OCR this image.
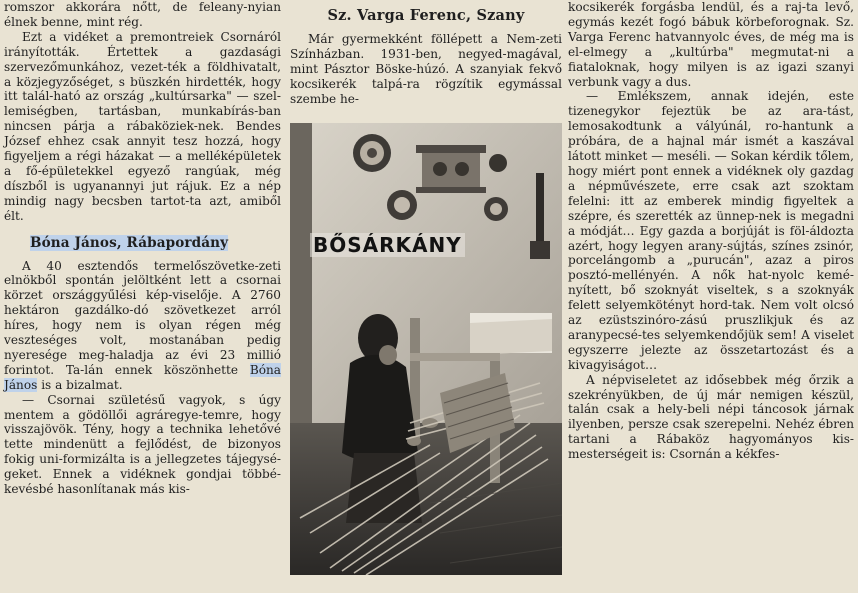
romszor akkorára nőtt, de feleany-nyian élnek benne, mint rég.

Ezt a vidéket a premontreiek Csornáról irányították. Értettek a gazdasági szervezőmunkához, vezet-ték a földhivatalt, a közjegyzőséget, s büszkén hirdették, hogy itt talál-ható az ország „kultúrsarka" — szel-lemiségben, tartásban, munkabírás-ban nincsen párja a rábaköziek-nek. Bendes József ehhez csak annyit tesz hozzá, hogy figyeljem a régi házakat — a melléképületek a fő-épületekkel egyező rangúak, még díszből is ugyanannyi jut rájuk. Ez a nép mindig nagy becsben tartot-ta azt, amiből élt.

Bóna János, Rábapordány

A 40 esztendős termelőszövetke-zeti elnökből spontán jelöltként lett a csornai körzet országgyűlési kép-viselője. A 2760 hektáron gazdálko-dó szövetkezet arról híres, hogy nem is olyan régen még veszteséges volt, mostanában pedig nyeresége meg-haladja az évi 23 millió forintot. Ta-lán ennek köszönhette Bóna János is a bizalmat.

— Csornai születésű vagyok, s úgy mentem a gödöllői agráregye-temre, hogy visszajövök. Tény, hogy a technika lehetővé tette mindenütt a fejlődést, de bizonyos fokig uni-formizálta is a jellegzetes tájegysé-geket. Ennek a vidéknek gondjai többé-kevésbé hasonlítanak más kis-

Sz. Varga Ferenc, Szany

Már gyermekként föllépett a Nem-zeti Színházban. 1931-ben, negyed-magával, mint Pásztor Böske-húzó. A szanyiak fekvő kocsikerék talpá-ra rögzítik egymással szembe he-

BŐSÁRKÁNY

kocsikerék forgásba lendül, és a raj-ta levő, egymás kezét fogó bábuk körbeforognak. Sz. Varga Ferenc hatvannyolc éves, de még ma is el-elmegy a „kultúrba" megmutat-ni a fiataloknak, hogy milyen is az igazi szanyi verbunk vagy a dus.

— Emlékszem, annak idején, este tizenegykor fejeztük be az ara-tást, lemosakodtunk a vályúnál, ro-hantunk a próbára, de a hajnal már ismét a kaszával látott minket — meséli. — Sokan kérdik tőlem, hogy miért pont ennek a vidéknek oly gazdag a népművészete, erre csak azt szoktam felelni: itt az emberek mindig figyeltek a szépre, és szerették az ünnep-nek is megadni a módját… Egy gazda a borjúját is föl-áldozta azért, hogy legyen arany-sújtás, színes zsinór, porcelángomb a „purucán", azaz a piros posztó-mellényén. A nők hat-nyolc kemé-nyített, bő szoknyát viseltek, s a szoknyák felett selyemkötényt hord-tak. Nem volt olcsó az ezüstszinóro-zású pruszlikjuk és az aranypecsé-tes selyemkendőjük sem! A viselet egyszerre jelezte az összetartozást és a kivagyiságot…

A népviseletet az idősebbek még őrzik a szekrényükben, de új már nemigen készül, talán csak a hely-beli népi táncosok járnak ilyenben, persze csak szerepelni. Nehéz ébren tartani a Rábaköz hagyományos kis-mesterségeit is: Csornán a kékfes-
